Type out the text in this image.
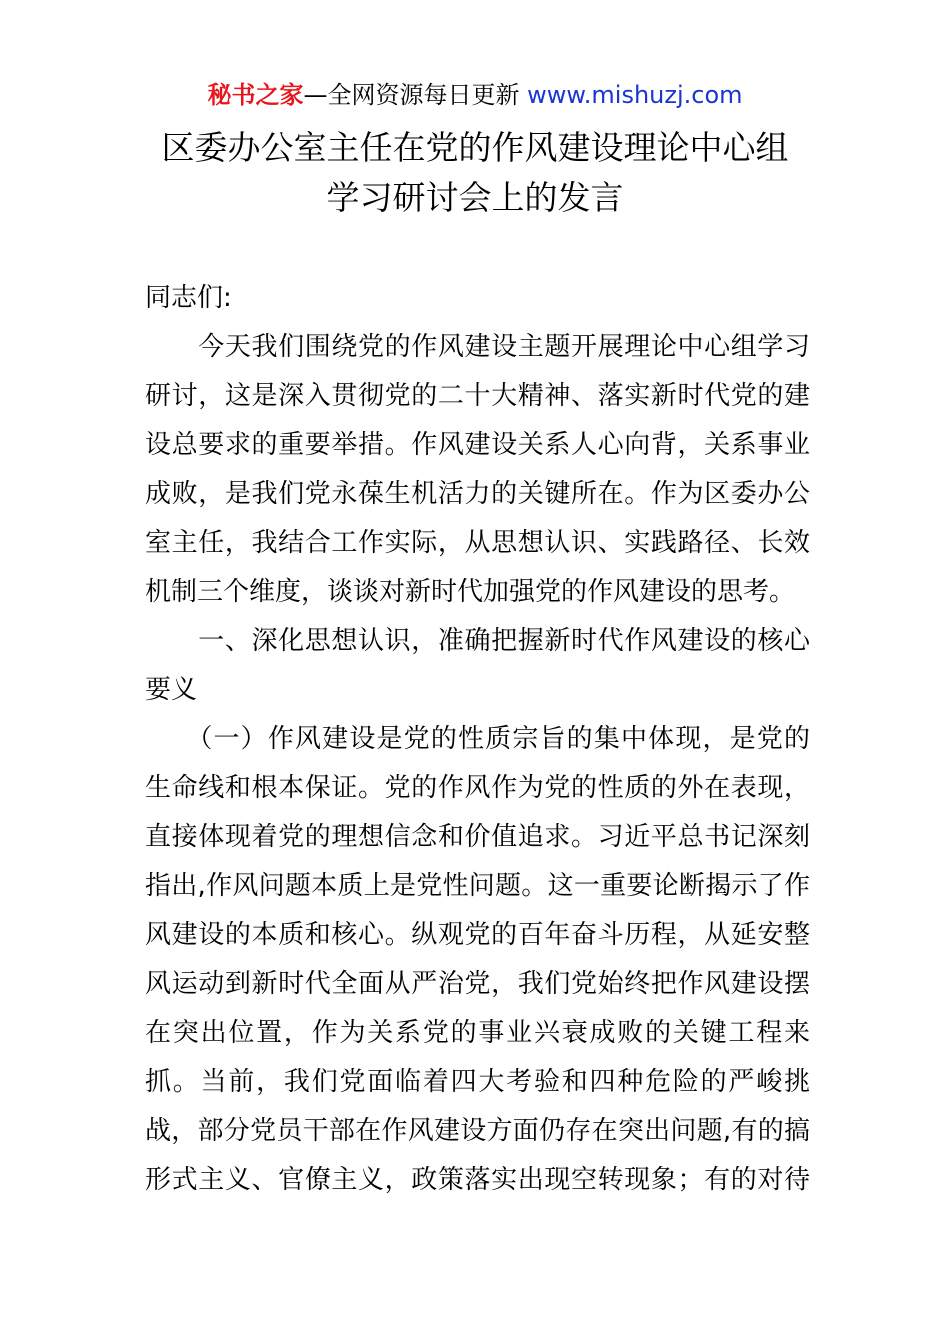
秘书之家—全网资源每日更新 www.mishuzj.com
区委办公室主任在党的作风建设理论中心组
学习研讨会上的发言
同志们:
　　今天我们围绕党的作风建设主题开展理论中心组学习
研讨，这是深入贯彻党的二十大精神、落实新时代党的建
设总要求的重要举措。作风建设关系人心向背，关系事业
成败，是我们党永葆生机活力的关键所在。作为区委办公
室主任，我结合工作实际，从思想认识、实践路径、长效
机制三个维度，谈谈对新时代加强党的作风建设的思考。
　　一、深化思想认识，准确把握新时代作风建设的核心
要义
　　（一）作风建设是党的性质宗旨的集中体现，是党的
生命线和根本保证。党的作风作为党的性质的外在表现，
直接体现着党的理想信念和价值追求。习近平总书记深刻
指出,作风问题本质上是党性问题。这一重要论断揭示了作
风建设的本质和核心。纵观党的百年奋斗历程，从延安整
风运动到新时代全面从严治党，我们党始终把作风建设摆
在突出位置，作为关系党的事业兴衰成败的关键工程来
抓。当前，我们党面临着四大考验和四种危险的严峻挑
战，部分党员干部在作风建设方面仍存在突出问题,有的搞
形式主义、官僚主义，政策落实出现空转现象；有的对待
